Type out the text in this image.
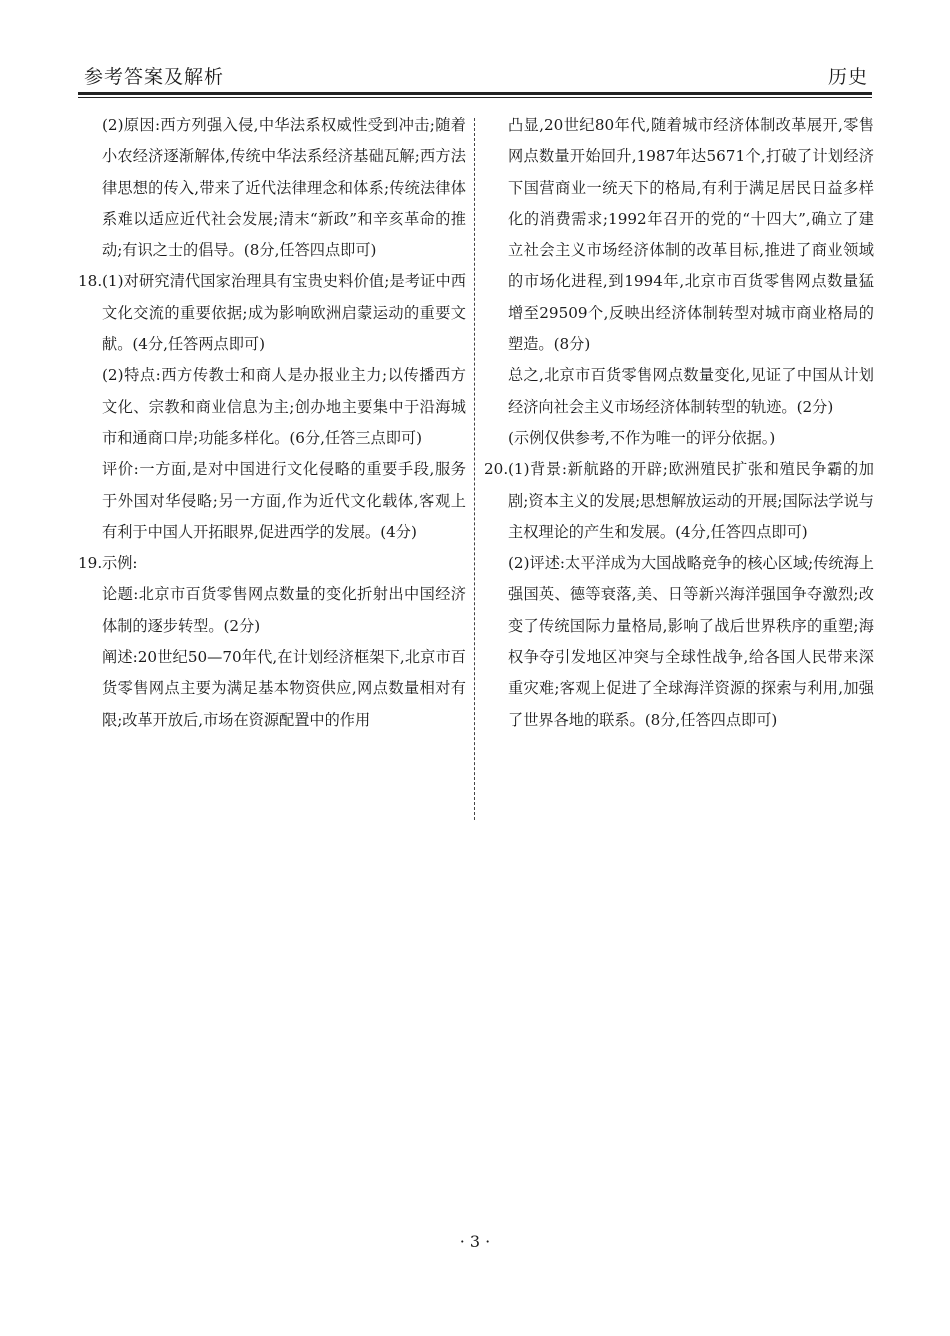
参考答案及解析	历史
(2)原因:西方列强入侵,中华法系权威性受到冲击;随着小农经济逐渐解体,传统中华法系经济基础瓦解;西方法律思想的传入,带来了近代法律理念和体系;传统法律体系难以适应近代社会发展;清末“新政”和辛亥革命的推动;有识之士的倡导。(8分,任答四点即可)
18. (1)对研究清代国家治理具有宝贵史料价值;是考证中西文化交流的重要依据;成为影响欧洲启蒙运动的重要文献。(4分,任答两点即可)
(2)特点:西方传教士和商人是办报业主力;以传播西方文化、宗教和商业信息为主;创办地主要集中于沿海城市和通商口岸;功能多样化。(6分,任答三点即可)
评价:一方面,是对中国进行文化侵略的重要手段,服务于外国对华侵略;另一方面,作为近代文化载体,客观上有利于中国人开拓眼界,促进西学的发展。(4分)
19. 示例:
论题:北京市百货零售网点数量的变化折射出中国经济体制的逐步转型。(2分)
阐述:20世纪50—70年代,在计划经济框架下,北京市百货零售网点主要为满足基本物资供应,网点数量相对有限;改革开放后,市场在资源配置中的作用
凸显,20世纪80年代,随着城市经济体制改革展开,零售网点数量开始回升,1987年达5671个,打破了计划经济下国营商业一统天下的格局,有利于满足居民日益多样化的消费需求;1992年召开的党的“十四大”,确立了建立社会主义市场经济体制的改革目标,推进了商业领域的市场化进程,到1994年,北京市百货零售网点数量猛增至29509个,反映出经济体制转型对城市商业格局的塑造。(8分)
总之,北京市百货零售网点数量变化,见证了中国从计划经济向社会主义市场经济体制转型的轨迹。(2分)
(示例仅供参考,不作为唯一的评分依据。)
20. (1)背景:新航路的开辟;欧洲殖民扩张和殖民争霸的加剧;资本主义的发展;思想解放运动的开展;国际法学说与主权理论的产生和发展。(4分,任答四点即可)
(2)评述:太平洋成为大国战略竞争的核心区域;传统海上强国英、德等衰落,美、日等新兴海洋强国争夺激烈;改变了传统国际力量格局,影响了战后世界秩序的重塑;海权争夺引发地区冲突与全球性战争,给各国人民带来深重灾难;客观上促进了全球海洋资源的探索与利用,加强了世界各地的联系。(8分,任答四点即可)
· 3 ·
